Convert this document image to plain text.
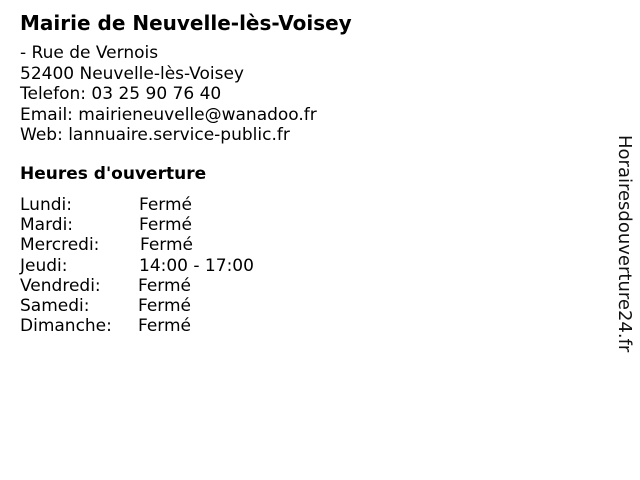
Mairie de Neuvelle-lès-Voisey
- Rue de Vernois
52400 Neuvelle-lès-Voisey
Telefon: 03 25 90 76 40
Email: mairieneuvelle@wanadoo.fr
Web: lannuaire.service-public.fr
Heures d'ouverture
Lundi:	Fermé
Mardi:	Fermé
Mercredi: Fermé
Jeudi:	14:00 - 17:00
Vendredi: Fermé
Samedi:	Fermé
Dimanche: Fermé	Horairesdouverture24.fr
